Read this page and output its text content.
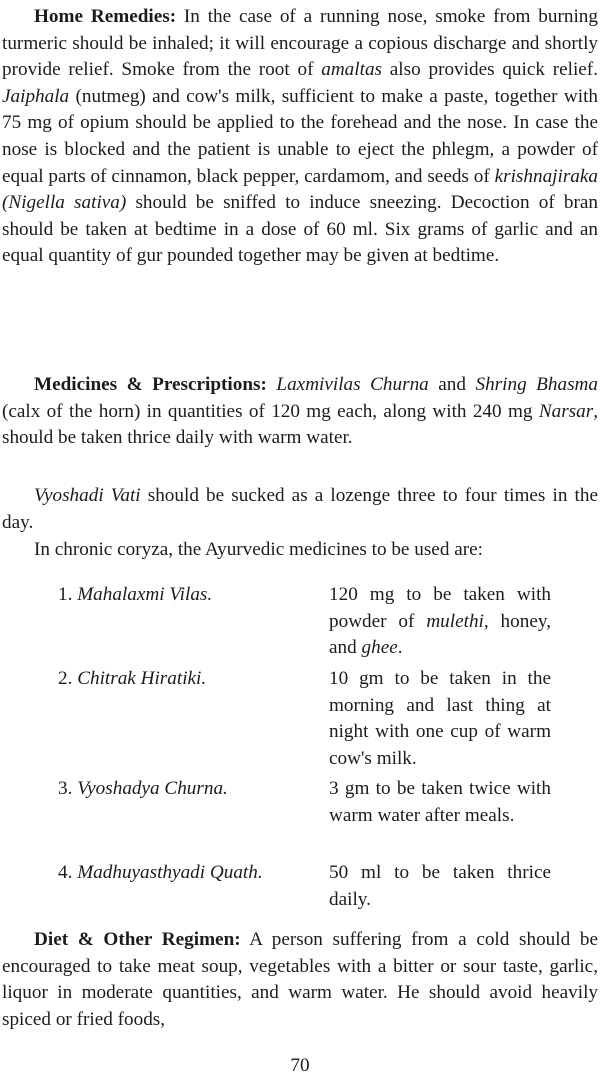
Home Remedies: In the case of a running nose, smoke from burning turmeric should be inhaled; it will encourage a copious discharge and shortly provide relief. Smoke from the root of amaltas also provides quick relief. Jaiphala (nutmeg) and cow's milk, sufficient to make a paste, together with 75 mg of opium should be applied to the forehead and the nose. In case the nose is blocked and the patient is unable to eject the phlegm, a powder of equal parts of cinnamon, black pepper, cardamom, and seeds of krishnajiraka (Nigella sativa) should be sniffed to induce sneezing. Decoction of bran should be taken at bedtime in a dose of 60 ml. Six grams of garlic and an equal quantity of gur pounded together may be given at bedtime.

Medicines & Prescriptions: Laxmivilas Churna and Shring Bhasma (calx of the horn) in quantities of 120 mg each, along with 240 mg Narsar, should be taken thrice daily with warm water.

Vyoshadi Vati should be sucked as a lozenge three to four times in the day.

In chronic coryza, the Ayurvedic medicines to be used are:

1. Mahalaxmi Vilas.	120 mg to be taken with powder of mulethi, honey, and ghee.
2. Chitrak Hiratiki.	10 gm to be taken in the morning and last thing at night with one cup of warm cow's milk.
3. Vyoshadya Churna.	3 gm to be taken twice with warm water after meals.
4. Madhuyasthyadi Quath.	50 ml to be taken thrice daily.

Diet & Other Regimen: A person suffering from a cold should be encouraged to take meat soup, vegetables with a bitter or sour taste, garlic, liquor in moderate quantities, and warm water. He should avoid heavily spiced or fried foods,

70
